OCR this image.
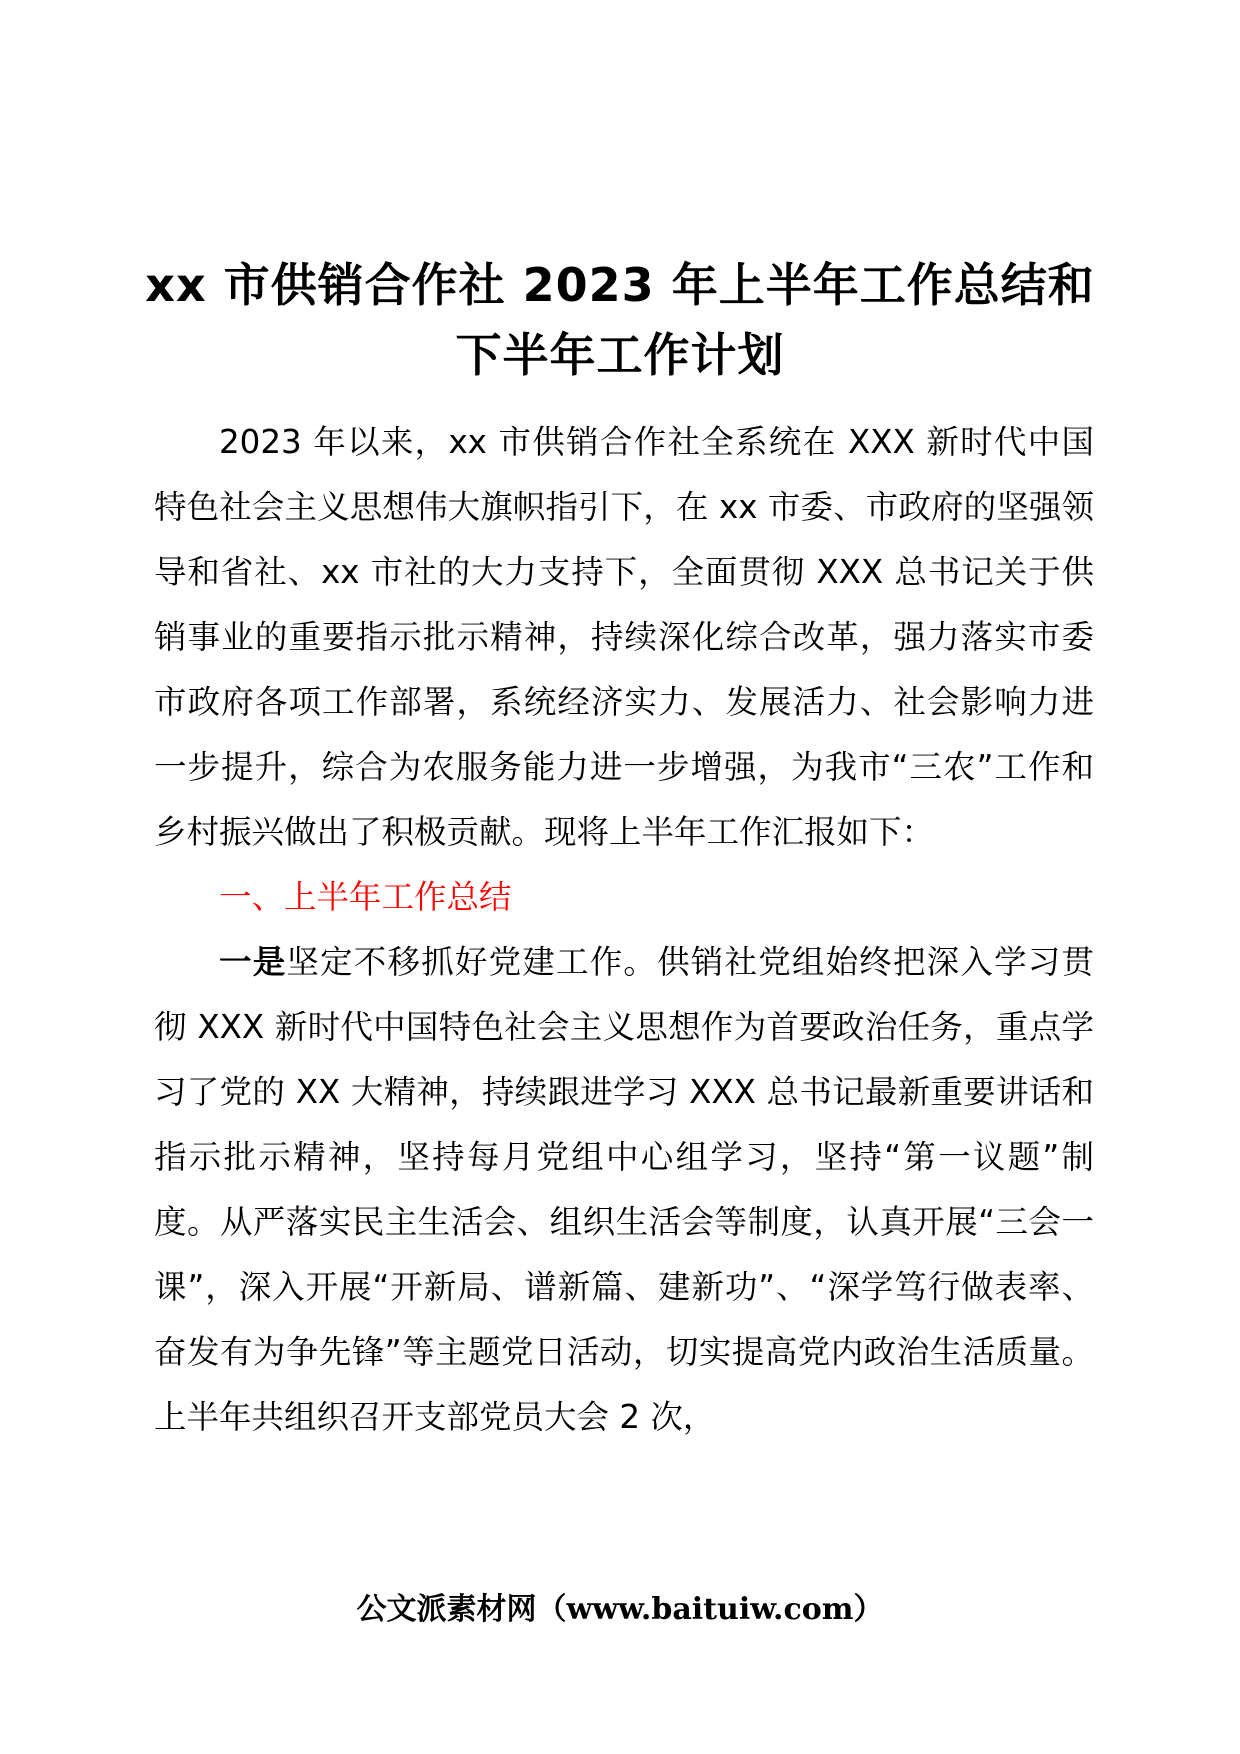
xx 市供销合作社 2023 年上半年工作总结和
下半年工作计划

2023 年以来，xx 市供销合作社全系统在 XXX 新时代中国特色社会主义思想伟大旗帜指引下，在 xx 市委、市政府的坚强领导和省社、xx 市社的大力支持下，全面贯彻 XXX 总书记关于供销事业的重要指示批示精神，持续深化综合改革，强力落实市委市政府各项工作部署，系统经济实力、发展活力、社会影响力进一步提升，综合为农服务能力进一步增强，为我市“三农”工作和乡村振兴做出了积极贡献。现将上半年工作汇报如下：

一、上半年工作总结

一是坚定不移抓好党建工作。供销社党组始终把深入学习贯彻 XXX 新时代中国特色社会主义思想作为首要政治任务，重点学习了党的 XX 大精神，持续跟进学习 XXX 总书记最新重要讲话和指示批示精神，坚持每月党组中心组学习，坚持“第一议题”制度。从严落实民主生活会、组织生活会等制度，认真开展“三会一课”，深入开展“开新局、谱新篇、建新功”、“深学笃行做表率、奋发有为争先锋”等主题党日活动，切实提高党内政治生活质量。上半年共组织召开支部党员大会 2 次，

公文派素材网（www.baituiw.com）
